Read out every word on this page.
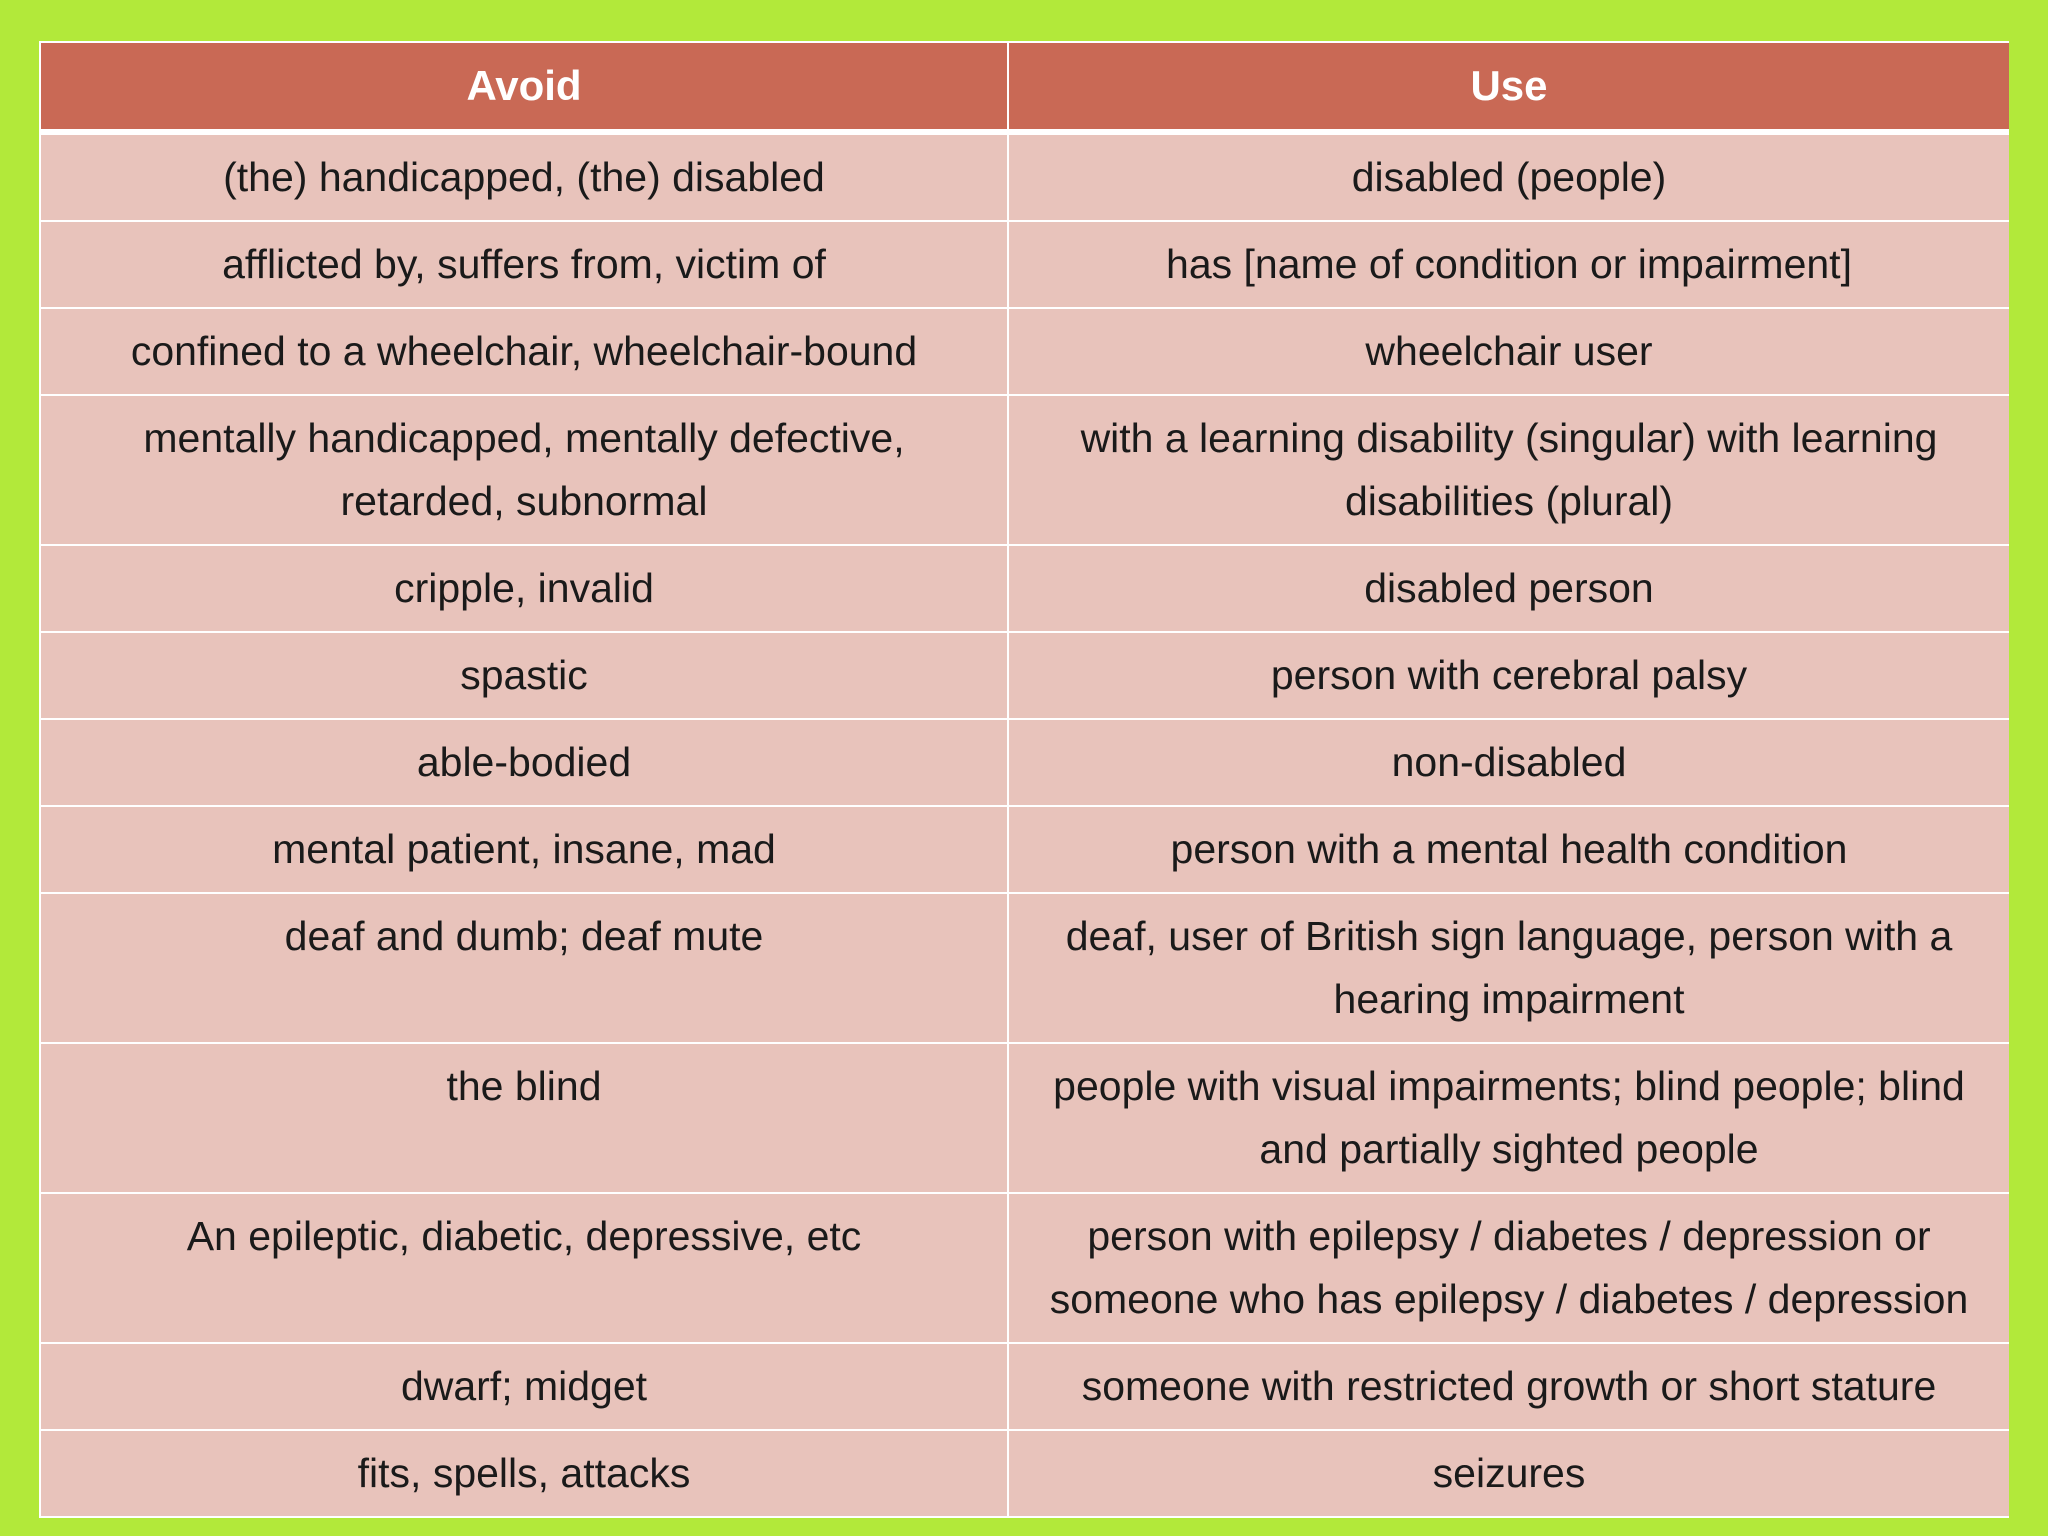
Avoid	Use
(the) handicapped, (the) disabled	disabled (people)
afflicted by, suffers from, victim of	has [name of condition or impairment]
confined to a wheelchair, wheelchair-bound	wheelchair user
mentally handicapped, mentally defective, retarded, subnormal	with a learning disability (singular) with learning disabilities (plural)
cripple, invalid	disabled person
spastic	person with cerebral palsy
able-bodied	non-disabled
mental patient, insane, mad	person with a mental health condition
deaf and dumb; deaf mute	deaf, user of British sign language, person with a hearing impairment
the blind	people with visual impairments; blind people; blind and partially sighted people
An epileptic, diabetic, depressive, etc	person with epilepsy / diabetes / depression or someone who has epilepsy / diabetes / depression
dwarf; midget	someone with restricted growth or short stature
fits, spells, attacks	seizures
